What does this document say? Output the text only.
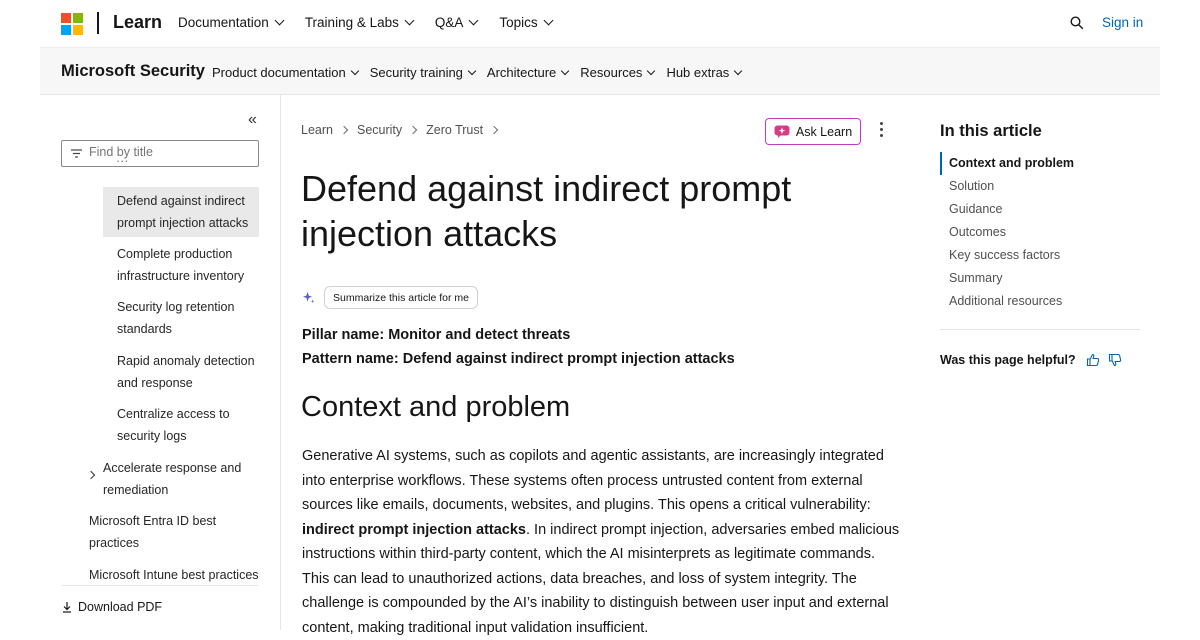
Learn Documentation	Training & Labs	Q&A	Topics	Sign in
Microsoft Security Product documentation Security training Architecture Resources Hub extras
«
Find by title
···
Defend against indirect
prompt injection attacks
Complete production
infrastructure inventory
Security log retention
standards
Rapid anomaly detection
and response
Centralize access to
security logs
Accelerate response and
remediation
Microsoft Entra ID best
practices
Microsoft Intune best practices
Download PDF
Learn Security Zero Trust	Ask Learn
Defend against indirect prompt
injection attacks
Summarize this article for me
Pillar name: Monitor and detect threats
Pattern name: Defend against indirect prompt injection attacks
Context and problem

Generative AI systems, such as copilots and agentic assistants, are increasingly integrated into enterprise workflows. These systems often process untrusted content from external sources like emails, documents, websites, and plugins. This opens a critical vulnerability: indirect prompt injection attacks. In indirect prompt injection, adversaries embed malicious instructions within third-party content, which the AI misinterprets as legitimate commands. This can lead to unauthorized actions, data breaches, and loss of system integrity. The challenge is compounded by the AI’s inability to distinguish between user input and external content, making traditional input validation insufficient.

In this article
Context and problem
Solution
Guidance
Outcomes
Key success factors
Summary
Additional resources
Was this page helpful?
